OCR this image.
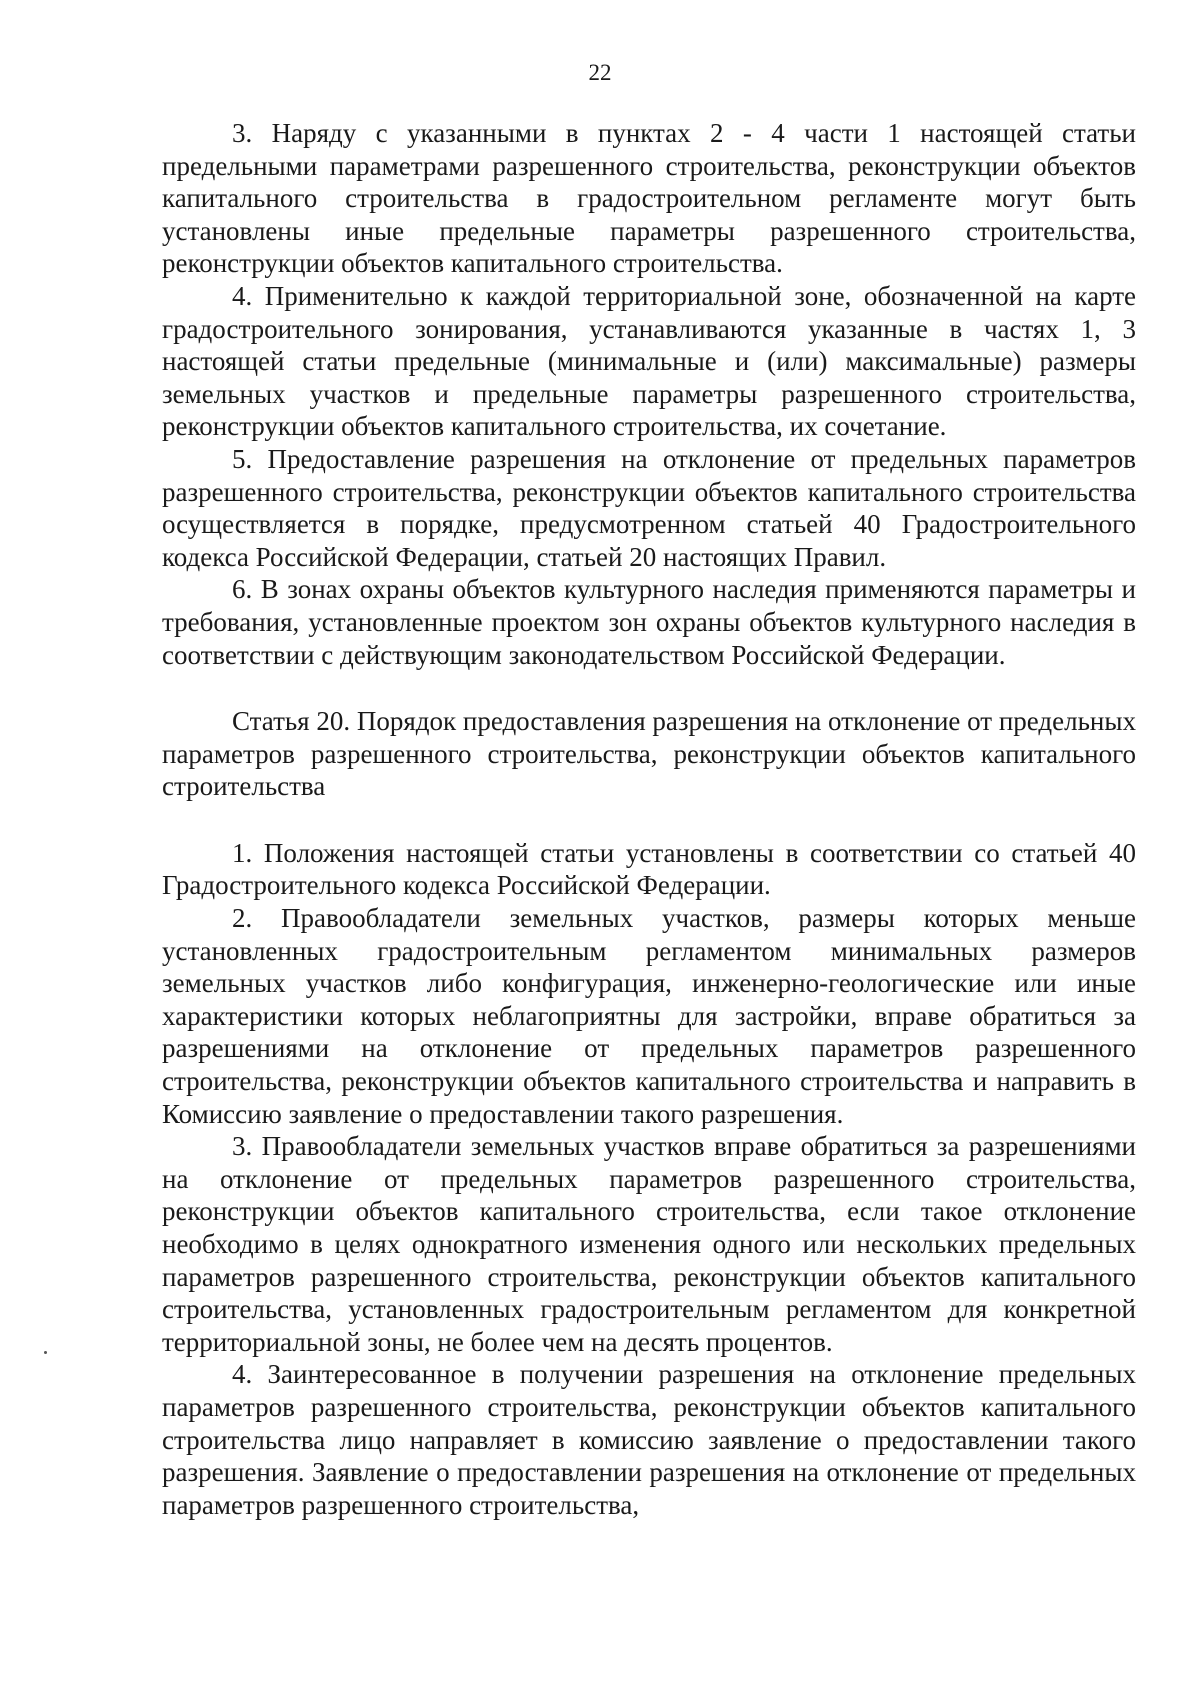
22

3. Наряду с указанными в пунктах 2 - 4 части 1 настоящей статьи предельными параметрами разрешенного строительства, реконструкции объектов капитального строительства в градостроительном регламенте могут быть установлены иные предельные параметры разрешенного строительства, реконструкции объектов капитального строительства.

4. Применительно к каждой территориальной зоне, обозначенной на карте градостроительного зонирования, устанавливаются указанные в частях 1, 3 настоящей статьи предельные (минимальные и (или) максимальные) размеры земельных участков и предельные параметры разрешенного строительства, реконструкции объектов капитального строительства, их сочетание.

5. Предоставление разрешения на отклонение от предельных параметров разрешенного строительства, реконструкции объектов капитального строительства осуществляется в порядке, предусмотренном статьей 40 Градостроительного кодекса Российской Федерации, статьей 20 настоящих Правил.

6. В зонах охраны объектов культурного наследия применяются параметры и требования, установленные проектом зон охраны объектов культурного наследия в соответствии с действующим законодательством Российской Федерации.

Статья 20. Порядок предоставления разрешения на отклонение от предельных параметров разрешенного строительства, реконструкции объектов капитального строительства

1. Положения настоящей статьи установлены в соответствии со статьей 40 Градостроительного кодекса Российской Федерации.

2. Правообладатели земельных участков, размеры которых меньше установленных градостроительным регламентом минимальных размеров земельных участков либо конфигурация, инженерно-геологические или иные характеристики которых неблагоприятны для застройки, вправе обратиться за разрешениями на отклонение от предельных параметров разрешенного строительства, реконструкции объектов капитального строительства и направить в Комиссию заявление о предоставлении такого разрешения.

3. Правообладатели земельных участков вправе обратиться за разрешениями на отклонение от предельных параметров разрешенного строительства, реконструкции объектов капитального строительства, если такое отклонение необходимо в целях однократного изменения одного или нескольких предельных параметров разрешенного строительства, реконструкции объектов капитального строительства, установленных градостроительным регламентом для конкретной территориальной зоны, не более чем на десять процентов.

4. Заинтересованное в получении разрешения на отклонение предельных параметров разрешенного строительства, реконструкции объектов капитального строительства лицо направляет в комиссию заявление о предоставлении такого разрешения. Заявление о предоставлении разрешения на отклонение от предельных параметров разрешенного строительства,
